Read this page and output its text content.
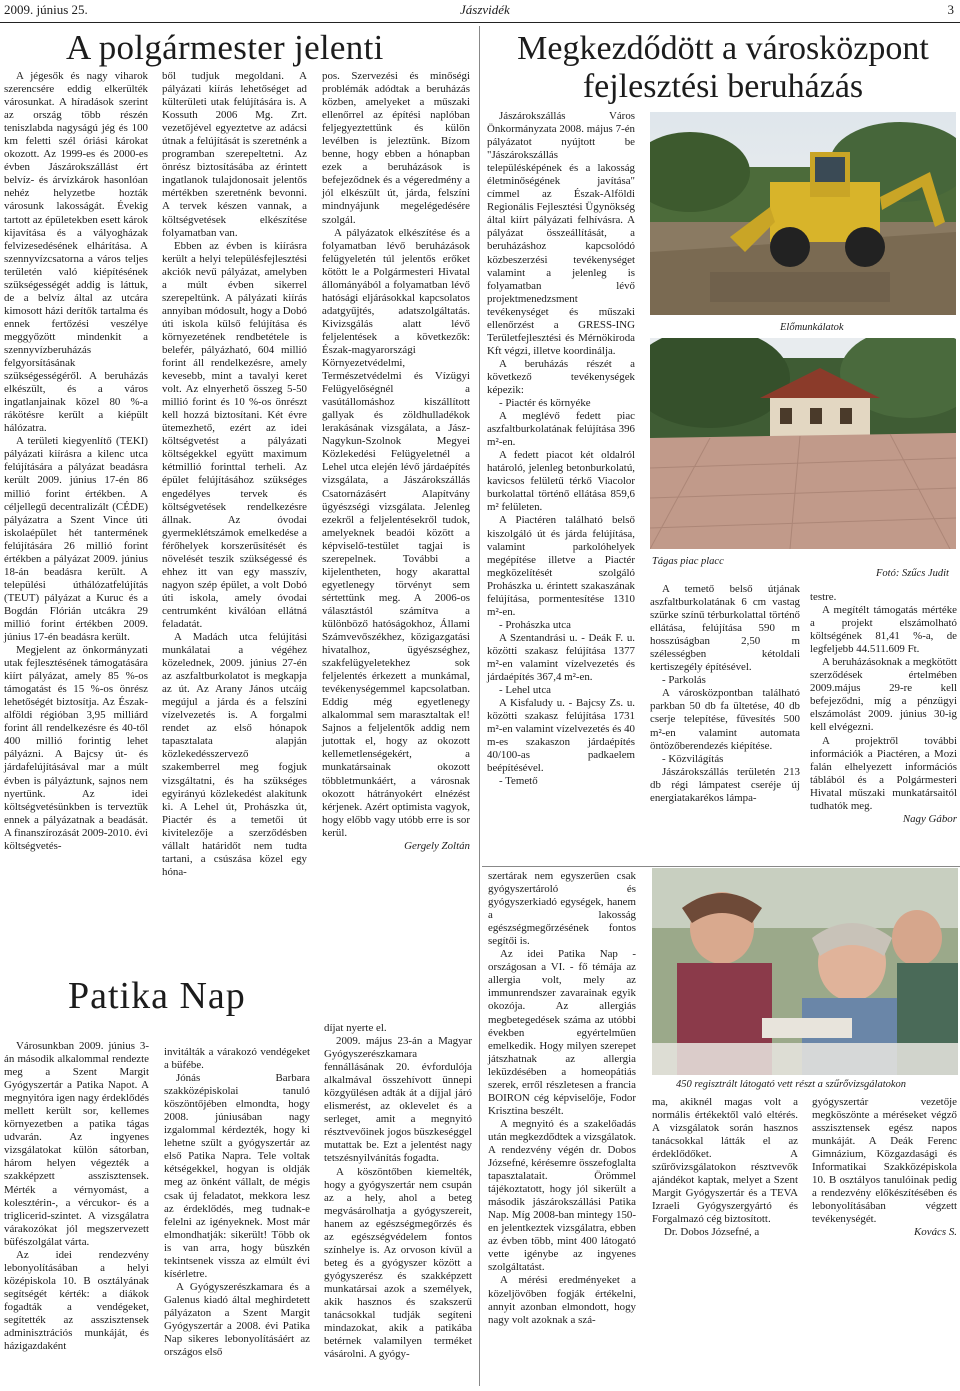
2009. június 25.	Jászvidék	3
A polgármester jelenti

A jégesők és nagy viharok szerencsére eddig elkerülték városunkat. A híradások szerint az ország több részén teniszlabda nagyságú jég és 100 km feletti szél óriási károkat okozott. Az 1999-es és 2000-es évben Jászárokszállást ért belvíz- és árvízkárok hasonlóan nehéz helyzetbe hozták városunk lakosságát. Évekig tartott az épületekben esett károk kijavítása és a vályogházak felvizesedésének elhárítása. A szennyvízcsatorna a város teljes területén való kiépítésének szükségességét addig is láttuk, de a belvíz által az utcára kimosott házi derítők tartalma és ennek fertőzési veszélye meggyőzött mindenkit a szennyvízberuházás felgyorsításának szükségességéről. A beruházás elkészült, és a város ingatlanjainak közel 80 %-a rákötésre került a kiépült hálózatra.

A területi kiegyenlítő (TEKI) pályázati kiírásra a kilenc utca felújítására a pályázat beadásra került 2009. június 17-én 86 millió forint értékben. A céljellegű decentralizált (CÉDE) pályázatra a Szent Vince úti iskolaépület hét tantermének felújítására 26 millió forint értékben a pályázat 2009. június 18-án beadásra került. A települési úthálózatfelújítás (TEUT) pályázat a Kuruc és a Bogdán Flórián utcákra 29 millió forint értékben 2009. június 17-én beadásra került.

Megjelent az önkormányzati utak fejlesztésének támogatására kiírt pályázat, amely 85 %-os támogatást és 15 %-os önrész lehetőségét biztosítja. Az Észak-alföldi régióban 3,95 milliárd forint áll rendelkezésre és 40-től 400 millió forintig lehet pályázni. A Bajcsy út- és járdafelújításával mar a múlt évben is pályáztunk, sajnos nem nyertünk. Az idei költségvetésünkben is terveztük ennek a pályázatnak a beadását. A finanszírozását 2009-2010. évi költségvetés-

ből tudjuk megoldani. A pályázati kiírás lehetőséget ad külterületi utak felújítására is. A Kossuth 2006 Mg. Zrt. vezetőjével egyeztetve az adácsi útnak a felújítását is szeretnénk a programban szerepeltetni. Az önrész biztosításába az érintett ingatlanok tulajdonosait jelentős mértékben szeretnénk bevonni. A tervek készen vannak, a költségvetések elkészítése folyamatban van.

Ebben az évben is kiírásra került a helyi településfejlesztési akciók nevű pályázat, amelyben a múlt évben sikerrel szerepeltünk. A pályázati kiírás annyiban módosult, hogy a Dobó úti iskola külső felújítása és környezetének rendbetétele is belefér, pályázható, 604 millió forint áll rendelkezésre, amely kevesebb, mint a tavalyi keret volt. Az elnyerhető összeg 5-50 millió forint és 10 %-os önrészt kell hozzá biztosítani. Két évre ütemezhető, ezért az idei költségvetést a pályázati költségekkel együtt maximum kétmillió forinttal terheli. Az épület felújításához szükséges engedélyes tervek és költségvetések rendelkezésre állnak. Az óvodai gyermeklétszámok emelkedése a férőhelyek korszerűsítését és növelését teszik szükségessé és ehhez itt van egy masszív, nagyon szép épület, a volt Dobó úti iskola, amely óvodai centrumként kiválóan ellátná feladatát.

A Madách utca felújítási munkálatai a végéhez közelednek, 2009. június 27-én az aszfaltburkolatot is megkapja az út. Az Arany János utcáig megújul a járda és a felszíni vízelvezetés is. A forgalmi rendet az első hónapok tapasztalata alapján közlekedésszervező szakemberrel meg fogjuk vizsgáltatni, és ha szükséges egyirányú közlekedést alakítunk ki. A Lehel út, Prohászka út, Piactér és a temetői út kivitelezője a szerződésben vállalt határidőt nem tudta tartani, a csúszása közel egy hóna-

pos. Szervezési és minőségi problémák adódtak a beruházás közben, amelyeket a műszaki ellenőrrel az építési naplóban feljegyeztettünk és külön levélben is jeleztünk. Bízom benne, hogy ebben a hónapban ezek a beruházások is befejeződnek és a végeredmény a jól elkészült út, járda, felszíni mindnyájunk megelégedésére szolgál.

A pályázatok elkészítése és a folyamatban lévő beruházások felügyeletén túl jelentős erőket kötött le a Polgármesteri Hivatal állományából a folyamatban lévő hatósági eljárásokkal kapcsolatos adatgyűjtés, adatszolgáltatás. Kivizsgálás alatt lévő feljelentések a következők: Észak-magyarországi Környezetvédelmi, Természetvédelmi és Vízügyi Felügyelőségnél a vasútállomáshoz kiszállított gallyak és zöldhulladékok lerakásának vizsgálata, a Jász-Nagykun-Szolnok Megyei Közlekedési Felügyeletnél a Lehel utca elején lévő járdaépítés vizsgálata, a Jászárokszállás Csatornázásért Alapítvány ügyészségi vizsgálata. Jelenleg ezekről a feljelentésekről tudok, amelyeknek beadói között a képviselő-testület tagjai is szerepelnek. További a kijelentheten, hogy akarattal egyetlenegy törvényt sem sértettünk meg. A 2006-os választástól számítva a különböző hatóságokhoz, Állami Számvevőszékhez, közigazgatási hivatalhoz, ügyészséghez, szakfelügyeletekhez sok feljelentés érkezett a munkámal, tevékenységemmel kapcsolatban. Eddig még egyetlenegy alkalommal sem marasztaltak el! Sajnos a feljelentők addig nem jutottak el, hogy az okozott kellemetlenségekért, a munkatársainak okozott többletmunkáért, a városnak okozott hátrányokért elnézést kérjenek. Azért optimista vagyok, hogy előbb vagy utóbb erre is sor kerül.

Gergely Zoltán

Megkezdődött a városközpont fejlesztési beruházás

Jászárokszállás Város Önkormányzata 2008. május 7-én pályázatot nyújtott be "Jászárokszállás településképének és a lakosság életminőségének javítása" címmel az Észak-Alföldi Regionális Fejlesztési Ügynökség által kiírt pályázati felhívásra. A pályázat összeállítását, a beruházáshoz kapcsolódó közbeszerzési tevékenységet valamint a jelenleg is folyamatban lévő projektmenedzsment tevékenységet és műszaki ellenőrzést a GRESS-ING Területfejlesztési és Mérnökiroda Kft végzi, illetve koordinálja.

A beruházás részét a következő tevékenységek képezik:

- Piactér és környéke

A meglévő fedett piac aszfaltburkolatának felújítása 396 m²-en.

A fedett piacot két oldalról határoló, jelenleg betonburkolatú, kavicsos felületű térkő Viacolor burkolattal történő ellátása 859,6 m² felületen.

A Piactéren található belső kiszolgáló út és járda felújítása, valamint parkolóhelyek megépítése illetve a Piactér megközelítését szolgáló Prohászka u. érintett szakaszának felújítása, pormentesítése 1310 m²-en.

- Prohászka utca

A Szentandrási u. - Deák F. u. közötti szakasz felújítása 1377 m²-en valamint vízelvezetés és járdaépítés 367,4 m²-en.

- Lehel utca

A Kisfaludy u. - Bajcsy Zs. u. közötti szakasz felújítása 1731 m²-en valamint vízelvezetés és 40 m-es szakaszon járdaépítés 40/100-as padkaelem beépítésével.

- Temető

Előmunkálatok
Tágas piac placc
Fotó: Szűcs Judit

A temető belső útjának aszfaltburkolatának 6 cm vastag szürke színű térburkolattal történő ellátása, felújítása 590 m hosszúságban 2,50 m szélességben kétoldali kertiszegély építésével.

- Parkolás

A városközpontban található parkban 50 db fa ültetése, 40 db cserje telepítése, fűvesítés 500 m²-en valamint automata öntözőberendezés kiépítése.

- Közvilágítás

Jászárokszállás területén 213 db régi lámpatest cseréje új energiatakarékos lámpa-

testre.

A megítélt támogatás mértéke a projekt elszámolható költségének 81,41 %-a, de legfeljebb 44.511.609 Ft.

A beruházásoknak a megkötött szerződések értelmében 2009.május 29-re kell befejeződni, míg a pénzügyi elszámolást 2009. június 30-ig kell elvégezni.

A projektről további információk a Piactéren, a Mozi falán elhelyezett információs táblából és a Polgármesteri Hivatal műszaki munkatársaitól tudhatók meg.

Nagy Gábor

Patika Nap

Városunkban 2009. június 3-án második alkalommal rendezte meg a Szent Margit Gyógyszertár a Patika Napot. A megnyitóra igen nagy érdeklődés mellett került sor, kellemes környezetben a patika tágas udvarán. Az ingyenes vizsgálatokat külön sátorban, három helyen végezték a szakképzett asszisztensek. Mérték a vérnyomást, a kolesztérin-, a vércukor- és a triglicerid-szintet. A vizsgálatra várakozókat jól megszervezett büfészolgálat várta.

Az idei rendezvény lebonyolításában a helyi középiskola 10. B osztályának segítségét kérték: a diákok fogadták a vendégeket, segítették az asszisztensek adminisztrációs munkáját, és házigazdaként

invitálták a várakozó vendégeket a büfébe.

Jónás Barbara szakközépiskolai tanuló köszöntőjében elmondta, hogy 2008. júniusában nagy izgalommal kérdezték, hogy ki lehetne szült a gyógyszertár az első Patika Napra. Tele voltak kétségekkel, hogyan is oldják meg az önként vállalt, de mégis csak új feladatot, mekkora lesz az érdeklődés, meg tudnak-e felelni az igényeknek. Most már elmondhatják: sikerült! Több ok is van arra, hogy büszkén tekintsenek vissza az elmúlt évi kísérletre.

A Gyógyszerészkamara és a Galenus kiadó által meghirdetett pályázaton a Szent Margit Gyógyszertár a 2008. évi Patika Nap sikeres lebonyolításáért az országos első

díjat nyerte el.

2009. május 23-án a Magyar Gyógyszerészkamara fennállásának 20. évfordulója alkalmával összehívott ünnepi közgyűlésen adták át a díjjal járó elismerést, az oklevelet és a serleget, amit a megnyitó résztvevőinek jogos büszkeséggel mutattak be. Ezt a jelentést nagy tetszésnyilvánítás fogadta.

A köszöntőben kiemelték, hogy a gyógyszertár nem csupán az a hely, ahol a beteg megvásárolhatja a gyógyszereit, hanem az egészségmegőrzés és az egészségvédelem fontos színhelye is. Az orvoson kívül a beteg és a gyógyszer között a gyógyszerész és szakképzett munkatársai azok a személyek, akik hasznos és szakszerű tanácsokkal tudják segíteni mindazokat, akik a patikába betérnek valamilyen terméket vásárolni. A gyógy-

450 regisztrált látogató vett részt a szűrővizsgálatokon

szertárak nem egyszerűen csak gyógyszertároló és gyógyszerkiadó egységek, hanem a lakosság egészségmegőrzésének fontos segítői is.

Az idei Patika Nap - országosan a VI. - fő témája az allergia volt, mely az immunrendszer zavarainak egyik okozója. Az allergiás megbetegedések száma az utóbbi években egyértelműen emelkedik. Hogy milyen szerepet játszhatnak az allergia leküzdésében a homeopátiás szerek, erről részletesen a francia BOIRON cég képviselője, Fodor Krisztina beszélt.

A megnyitó és a szakelőadás után megkezdődtek a vizsgálatok. A rendezvény végén dr. Dobos Józsefné, kérésemre összefoglalta tapasztalatait. Örömmel tájékoztatott, hogy jól sikerült a második jászárokszállási Patika Nap. Míg 2008-ban mintegy 150-en jelentkeztek vizsgálatra, ebben az évben több, mint 400 látogató vette igénybe az ingyenes szolgáltatást.

A mérési eredményeket a közeljövőben fogják értékelni, annyit azonban elmondott, hogy nagy volt azoknak a szá-

ma, akiknél magas volt a normális értékektől való eltérés. A vizsgálatok során hasznos tanácsokkal látták el az érdeklődőket. A szűrővizsgálatokon résztvevők ajándékot kaptak, melyet a Szent Margit Gyógyszertár és a TEVA Izraeli Gyógyszergyártó és Forgalmazó cég biztosított.

Dr. Dobos Józsefné, a

gyógyszertár vezetője megköszönte a méréseket végző asszisztensek egész napos munkáját. A Deák Ferenc Gimnázium, Közgazdasági és Informatikai Szakközépiskola 10. B osztályos tanulóinak pedig a rendezvény előkészítésében és lebonyolításában végzett tevékenységét.

Kovács S.
